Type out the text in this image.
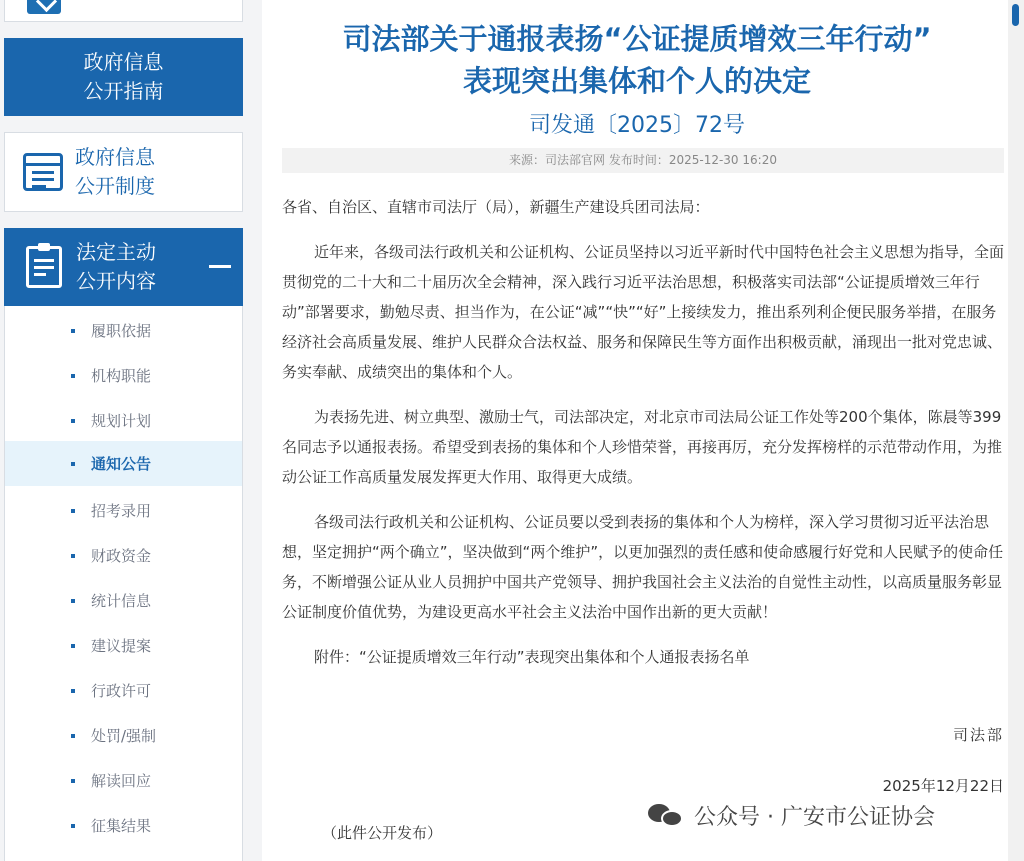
政府信息
公开指南
政府信息
公开制度
法定主动
公开内容
履职依据
机构职能
规划计划
通知公告
招考录用
财政资金
统计信息
建议提案
行政许可
处罚/强制
解读回应
征集结果
司法部关于通报表扬“公证提质增效三年行动”
表现突出集体和个人的决定
司发通〔2025〕72号
来源：司法部官网 发布时间：2025-12-30 16:20

各省、自治区、直辖市司法厅（局），新疆生产建设兵团司法局：

近年来，各级司法行政机关和公证机构、公证员坚持以习近平新时代中国特色社会主义思想为指导，全面贯彻党的二十大和二十届历次全会精神，深入践行习近平法治思想，积极落实司法部“公证提质增效三年行动”部署要求，勤勉尽责、担当作为，在公证“减”“快”“好”上接续发力，推出系列利企便民服务举措，在服务经济社会高质量发展、维护人民群众合法权益、服务和保障民生等方面作出积极贡献，涌现出一批对党忠诚、务实奉献、成绩突出的集体和个人。

为表扬先进、树立典型、激励士气，司法部决定，对北京市司法局公证工作处等200个集体，陈晨等399名同志予以通报表扬。希望受到表扬的集体和个人珍惜荣誉，再接再厉，充分发挥榜样的示范带动作用，为推动公证工作高质量发展发挥更大作用、取得更大成绩。

各级司法行政机关和公证机构、公证员要以受到表扬的集体和个人为榜样，深入学习贯彻习近平法治思想，坚定拥护“两个确立”，坚决做到“两个维护”，以更加强烈的责任感和使命感履行好党和人民赋予的使命任务，不断增强公证从业人员拥护中国共产党领导、拥护我国社会主义法治的自觉性主动性，以高质量服务彰显公证制度价值优势，为建设更高水平社会主义法治中国作出新的更大贡献！

附件：“公证提质增效三年行动”表现突出集体和个人通报表扬名单

司法部
2025年12月22日
（此件公开发布）
公众号 · 广安市公证协会
